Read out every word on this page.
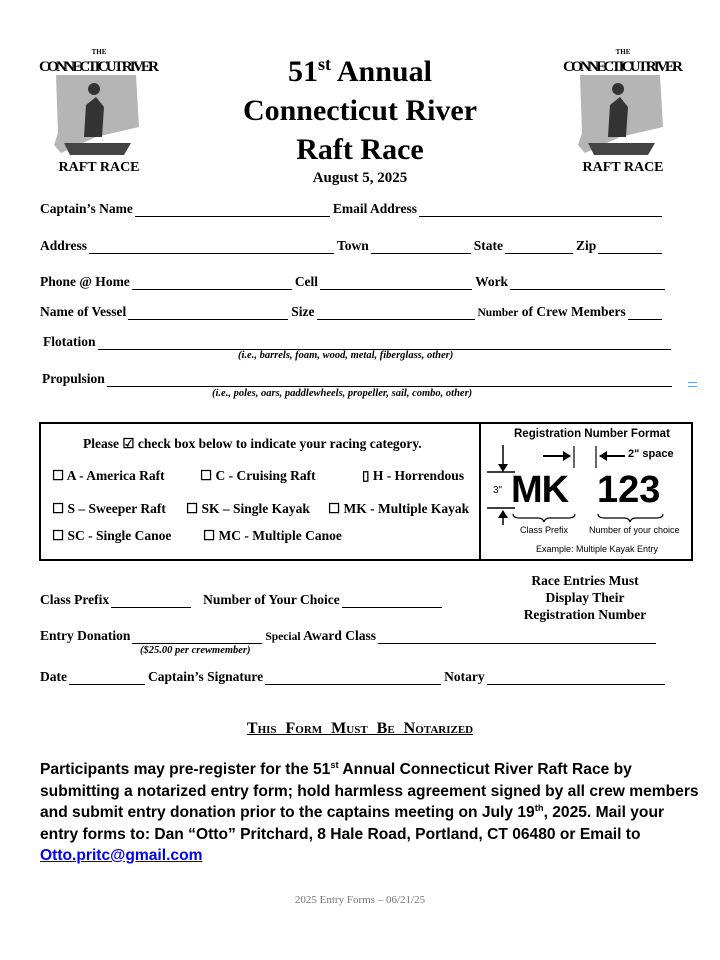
THE
CONNECTICUT RIVER
RAFT RACE
THE
CONNECTICUT RIVER
RAFT RACE
51st Annual
Connecticut River
Raft Race
August 5, 2025
Captain’s Name	Email Address
Address	Town	State	Zip
Phone @ Home	Cell	Work
Name of Vessel	Size	Number of Crew Members
Flotation
(i.e., barrels, foam, wood, metal, fiberglass, other)
Propulsion
(i.e., poles, oars, paddlewheels, propeller, sail, combo, other)
Please ☑ check box below to indicate your racing category.
☐ A - America Raft	☐ C - Cruising Raft	▯ H - Horrendous
☐ S – Sweeper Raft ☐ SK – Single Kayak ☐ MK - Multiple Kayak
☐ SC - Single Canoe ☐ MC - Multiple Canoe
Registration Number Format
2" space
3" MK 123
Class Prefix Number of your choice
Example: Multiple Kayak Entry
Class Prefix	Number of Your Choice
Race Entries Must
Display Their
Registration Number
Entry Donation	Special Award Class
($25.00 per crewmember)
Date	Captain’s Signature	Notary
This Form Must Be Notarized
Participants may pre-register for the 51st Annual Connecticut River Raft Race by submitting a notarized entry form; hold harmless agreement signed by all crew members and submit entry donation prior to the captains meeting on July 19th, 2025. Mail your entry forms to: Dan “Otto” Pritchard, 8 Hale Road, Portland, CT 06480 or Email to Otto.pritc@gmail.com
2025 Entry Forms – 06/21/25
